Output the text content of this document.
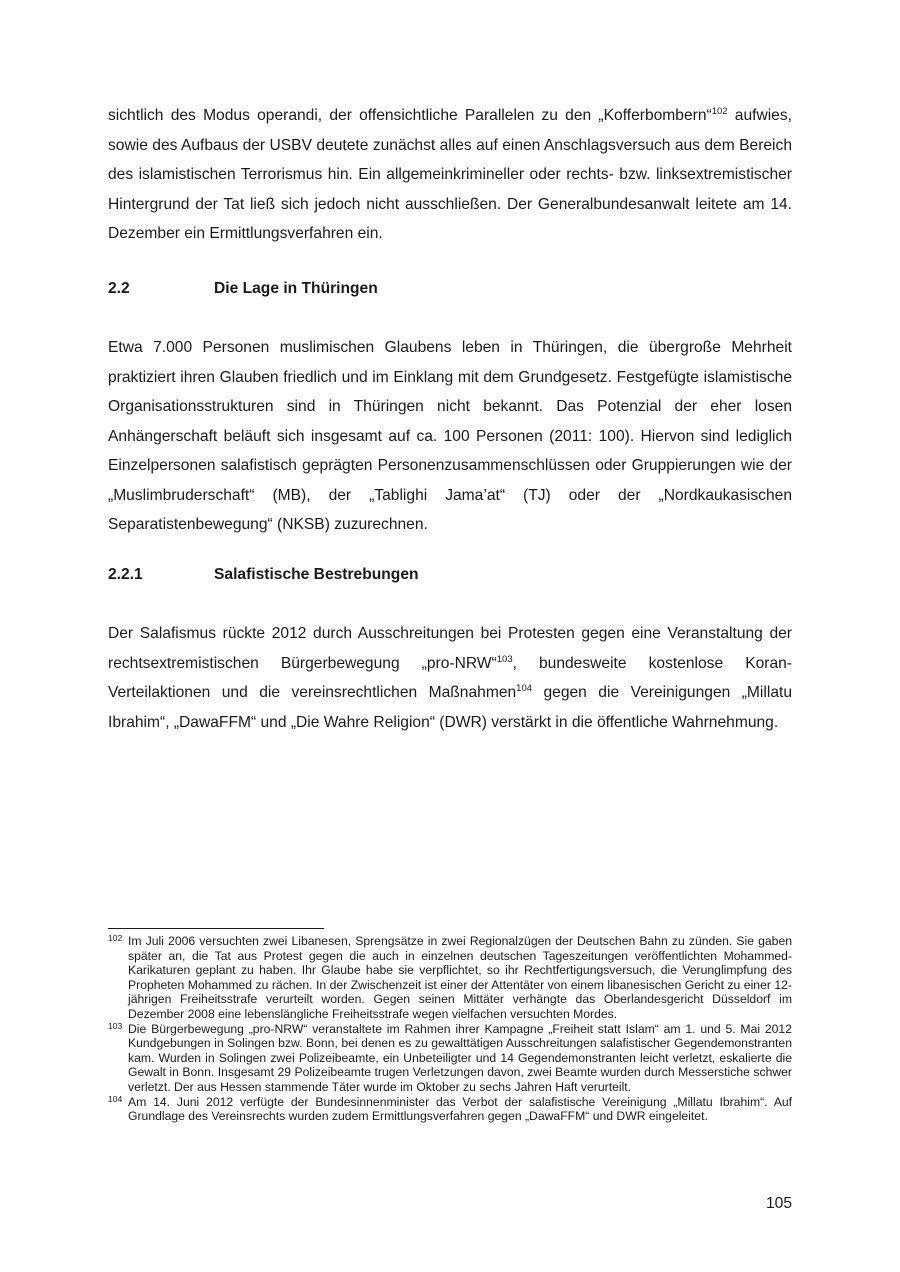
sichtlich des Modus operandi, der offensichtliche Parallelen zu den „Kofferbombern“$^{102}$ aufwies, sowie des Aufbaus der USBV deutete zunächst alles auf einen Anschlagsversuch aus dem Bereich des islamistischen Terrorismus hin. Ein allgemeinkrimineller oder rechts- bzw. linksextremistischer Hintergrund der Tat ließ sich jedoch nicht ausschließen. Der Generalbundesanwalt leitete am 14. Dezember ein Ermittlungsverfahren ein.

2.2	Die Lage in Thüringen

Etwa 7.000 Personen muslimischen Glaubens leben in Thüringen, die übergroße Mehrheit praktiziert ihren Glauben friedlich und im Einklang mit dem Grundgesetz. Festgefügte islamistische Organisationsstrukturen sind in Thüringen nicht bekannt. Das Potenzial der eher losen Anhängerschaft beläuft sich insgesamt auf ca. 100 Personen (2011: 100). Hiervon sind lediglich Einzelpersonen salafistisch geprägten Personenzusammenschlüssen oder Gruppierungen wie der „Muslimbruderschaft“ (MB), der „Tablighi Jama’at“ (TJ) oder der „Nordkaukasischen Separatistenbewegung“ (NKSB) zuzurechnen.

2.2.1	Salafistische Bestrebungen

Der Salafismus rückte 2012 durch Ausschreitungen bei Protesten gegen eine Veranstaltung der rechtsextremistischen Bürgerbewegung „pro-NRW“$^{103}$, bundesweite kostenlose Koran-Verteilaktionen und die vereinsrechtlichen Maßnahmen$^{104}$ gegen die Vereinigungen „Millatu Ibrahim“, „DawaFFM“ und „Die Wahre Religion“ (DWR) verstärkt in die öffentliche Wahrnehmung.

102 Im Juli 2006 versuchten zwei Libanesen, Sprengsätze in zwei Regionalzügen der Deutschen Bahn zu zünden. Sie gaben später an, die Tat aus Protest gegen die auch in einzelnen deutschen Tageszeitungen veröffentlichten Mohammed-Karikaturen geplant zu haben. Ihr Glaube habe sie verpflichtet, so ihr Rechtfertigungsversuch, die Verunglimpfung des Propheten Mohammed zu rächen. In der Zwischenzeit ist einer der Attentäter von einem libanesischen Gericht zu einer 12-jährigen Freiheitsstrafe verurteilt worden. Gegen seinen Mittäter verhängte das Oberlandesgericht Düsseldorf im Dezember 2008 eine lebenslängliche Freiheitsstrafe wegen vielfachen versuchten Mordes.

103 Die Bürgerbewegung „pro-NRW“ veranstaltete im Rahmen ihrer Kampagne „Freiheit statt Islam“ am 1. und 5. Mai 2012 Kundgebungen in Solingen bzw. Bonn, bei denen es zu gewalttätigen Ausschreitungen salafistischer Gegendemonstranten kam. Wurden in Solingen zwei Polizeibeamte, ein Unbeteiligter und 14 Gegendemonstranten leicht verletzt, eskalierte die Gewalt in Bonn. Insgesamt 29 Polizeibeamte trugen Verletzungen davon, zwei Beamte wurden durch Messerstiche schwer verletzt. Der aus Hessen stammende Täter wurde im Oktober zu sechs Jahren Haft verurteilt.

104 Am 14. Juni 2012 verfügte der Bundesinnenminister das Verbot der salafistische Vereinigung „Millatu Ibrahim“. Auf Grundlage des Vereinsrechts wurden zudem Ermittlungsverfahren gegen „DawaFFM“ und DWR eingeleitet.

105
